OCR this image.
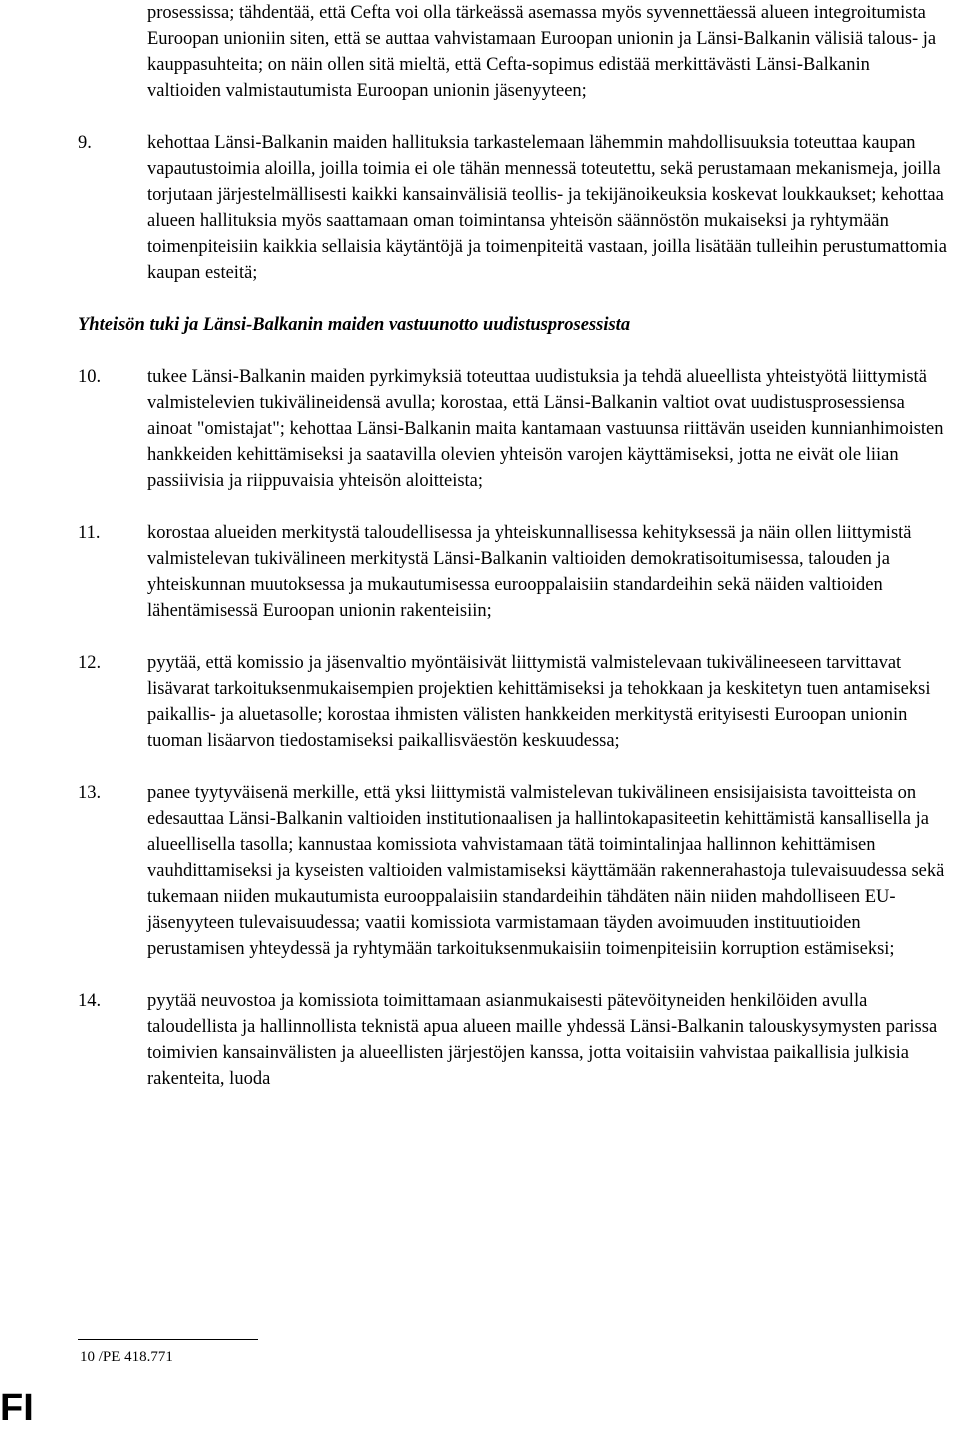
prosessissa; tähdentää, että Cefta voi olla tärkeässä asemassa myös syvennettäessä alueen integroitumista Euroopan unioniin siten, että se auttaa vahvistamaan Euroopan unionin ja Länsi-Balkanin välisiä talous- ja kauppasuhteita; on näin ollen sitä mieltä, että Cefta-sopimus edistää merkittävästi Länsi-Balkanin valtioiden valmistautumista Euroopan unionin jäsenyyteen;
9.	kehottaa Länsi-Balkanin maiden hallituksia tarkastelemaan lähemmin mahdollisuuksia toteuttaa kaupan vapautustoimia aloilla, joilla toimia ei ole tähän mennessä toteutettu, sekä perustamaan mekanismeja, joilla torjutaan järjestelmällisesti kaikki kansainvälisiä teollis- ja tekijänoikeuksia koskevat loukkaukset; kehottaa alueen hallituksia myös saattamaan oman toimintansa yhteisön säännöstön mukaiseksi ja ryhtymään toimenpiteisiin kaikkia sellaisia käytäntöjä ja toimenpiteitä vastaan, joilla lisätään tulleihin perustumattomia kaupan esteitä;
Yhteisön tuki ja Länsi-Balkanin maiden vastuunotto uudistusprosessista
10. tukee Länsi-Balkanin maiden pyrkimyksiä toteuttaa uudistuksia ja tehdä alueellista yhteistyötä liittymistä valmistelevien tukivälineidensä avulla; korostaa, että Länsi-Balkanin valtiot ovat uudistusprosessiensa ainoat "omistajat"; kehottaa Länsi-Balkanin maita kantamaan vastuunsa riittävän useiden kunnianhimoisten hankkeiden kehittämiseksi ja saatavilla olevien yhteisön varojen käyttämiseksi, jotta ne eivät ole liian passiivisia ja riippuvaisia yhteisön aloitteista;
11.	korostaa alueiden merkitystä taloudellisessa ja yhteiskunnallisessa kehityksessä ja näin ollen liittymistä valmistelevan tukivälineen merkitystä Länsi-Balkanin valtioiden demokratisoitumisessa, talouden ja yhteiskunnan muutoksessa ja mukautumisessa eurooppalaisiin standardeihin sekä näiden valtioiden lähentämisessä Euroopan unionin rakenteisiin;
12. pyytää, että komissio ja jäsenvaltio myöntäisivät liittymistä valmistelevaan tukivälineeseen tarvittavat lisävarat tarkoituksenmukaisempien projektien kehittämiseksi ja tehokkaan ja keskitetyn tuen antamiseksi paikallis- ja aluetasolle; korostaa ihmisten välisten hankkeiden merkitystä erityisesti Euroopan unionin tuoman lisäarvon tiedostamiseksi paikallisväestön keskuudessa;
13. panee tyytyväisenä merkille, että yksi liittymistä valmistelevan tukivälineen ensisijaisista tavoitteista on edesauttaa Länsi-Balkanin valtioiden institutionaalisen ja hallintokapasiteetin kehittämistä kansallisella ja alueellisella tasolla; kannustaa komissiota vahvistamaan tätä toimintalinjaa hallinnon kehittämisen vauhdittamiseksi ja kyseisten valtioiden valmistamiseksi käyttämään rakennerahastoja tulevaisuudessa sekä tukemaan niiden mukautumista eurooppalaisiin standardeihin tähdäten näin niiden mahdolliseen EU-jäsenyyteen tulevaisuudessa; vaatii komissiota varmistamaan täyden avoimuuden instituutioiden perustamisen yhteydessä ja ryhtymään tarkoituksenmukaisiin toimenpiteisiin korruption estämiseksi;
14. pyytää neuvostoa ja komissiota toimittamaan asianmukaisesti pätevöityneiden henkilöiden avulla taloudellista ja hallinnollista teknistä apua alueen maille yhdessä Länsi-Balkanin talouskysymysten parissa toimivien kansainvälisten ja alueellisten järjestöjen kanssa, jotta voitaisiin vahvistaa paikallisia julkisia rakenteita, luoda
10 /PE 418.771
FI
